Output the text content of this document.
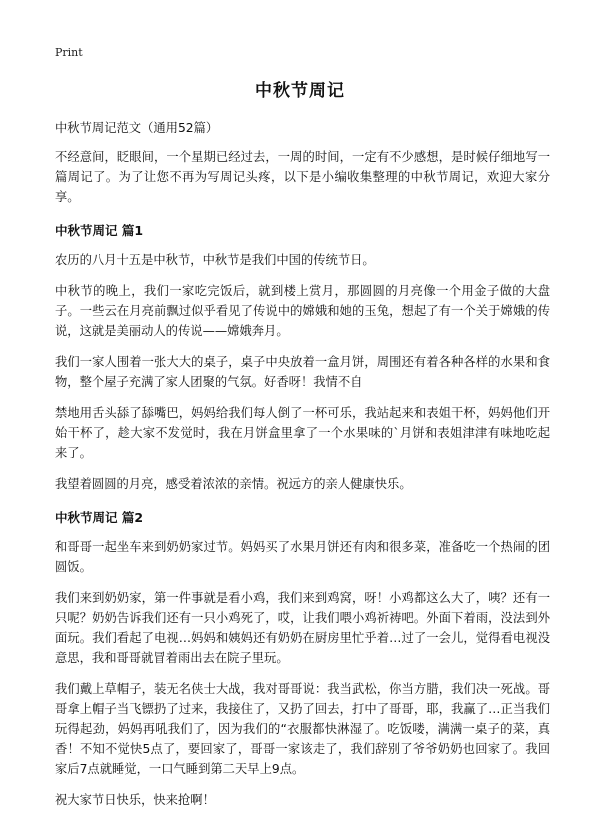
Print
中秋节周记

中秋节周记范文（通用52篇）

不经意间，眨眼间，一个星期已经过去，一周的时间，一定有不少感想，是时候仔细地写一篇周记了。为了让您不再为写周记头疼，以下是小编收集整理的中秋节周记，欢迎大家分享。

中秋节周记 篇1

农历的八月十五是中秋节，中秋节是我们中国的传统节日。

中秋节的晚上，我们一家吃完饭后，就到楼上赏月，那圆圆的月亮像一个用金子做的大盘子。一些云在月亮前飘过似乎看见了传说中的嫦娥和她的玉兔，想起了有一个关于嫦娥的传说，这就是美丽动人的传说——嫦娥奔月。

我们一家人围着一张大大的桌子，桌子中央放着一盒月饼，周围还有着各种各样的水果和食物，整个屋子充满了家人团聚的气氛。好香呀！我情不自

禁地用舌头舔了舔嘴巴，妈妈给我们每人倒了一杯可乐，我站起来和表姐干杯，妈妈他们开始干杯了，趁大家不发觉时，我在月饼盒里拿了一个水果味的`月饼和表姐津津有味地吃起来了。

我望着圆圆的月亮，感受着浓浓的亲情。祝远方的亲人健康快乐。

中秋节周记 篇2

和哥哥一起坐车来到奶奶家过节。妈妈买了水果月饼还有肉和很多菜，准备吃一个热闹的团圆饭。

我们来到奶奶家，第一件事就是看小鸡，我们来到鸡窝，呀！小鸡都这么大了，咦？还有一只呢？奶奶告诉我们还有一只小鸡死了，哎，让我们喂小鸡祈祷吧。外面下着雨，没法到外面玩。我们看起了电视…妈妈和姨妈还有奶奶在厨房里忙乎着…过了一会儿，觉得看电视没意思，我和哥哥就冒着雨出去在院子里玩。

我们戴上草帽子，装无名侠士大战，我对哥哥说：我当武松，你当方腊，我们决一死战。哥哥拿上帽子当飞镖扔了过来，我接住了，又扔了回去，打中了哥哥，耶，我赢了…正当我们玩得起劲，妈妈再吼我们了，因为我们的“衣服都快淋湿了。吃饭喽，满满一桌子的菜，真香！不知不觉快5点了，要回家了，哥哥一家该走了，我们辞别了爷爷奶奶也回家了。我回家后7点就睡觉，一口气睡到第二天早上9点。

祝大家节日快乐，快来抢啊！
